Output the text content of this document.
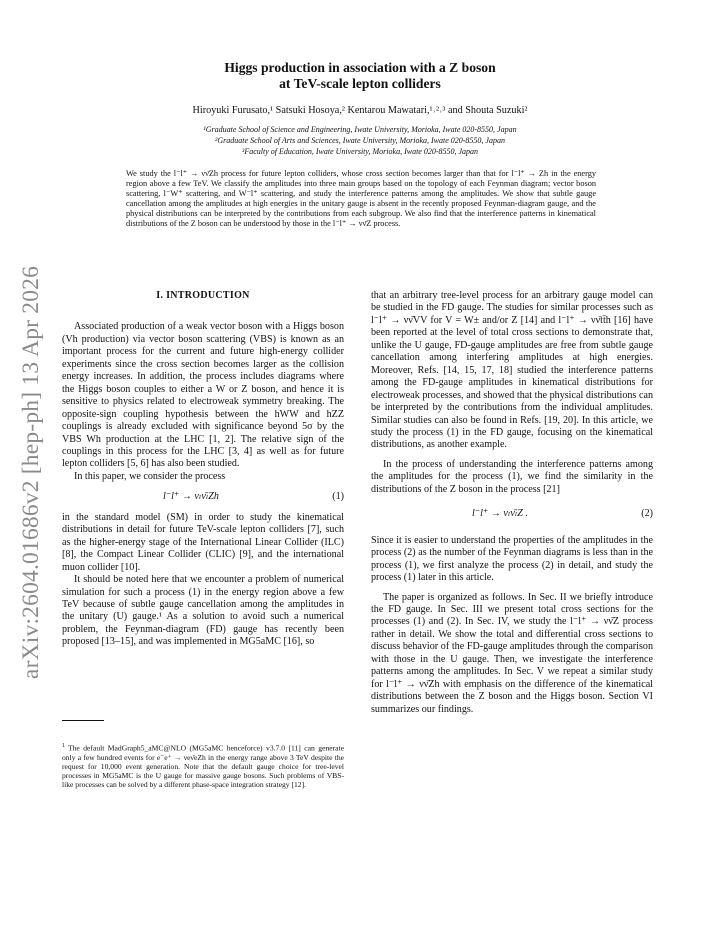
arXiv:2604.01686v2 [hep-ph] 13 Apr 2026
Higgs production in association with a Z boson
at TeV-scale lepton colliders
Hiroyuki Furusato,¹ Satsuki Hosoya,² Kentarou Mawatari,¹˒²˒³ and Shouta Suzuki²
¹Graduate School of Science and Engineering, Iwate University, Morioka, Iwate 020-8550, Japan
²Graduate School of Arts and Sciences, Iwate University, Morioka, Iwate 020-8550, Japan
³Faculty of Education, Iwate University, Morioka, Iwate 020-8550, Japan
We study the l⁻l⁺ → νν̄Zh process for future lepton colliders, whose cross section becomes larger than that for l⁻l⁺ → Zh in the energy region above a few TeV. We classify the amplitudes into three main groups based on the topology of each Feynman diagram; vector boson scattering, l⁻W⁺ scattering, and W⁻l⁺ scattering, and study the interference patterns among the amplitudes. We show that subtle gauge cancellation among the amplitudes at high energies in the unitary gauge is absent in the recently proposed Feynman-diagram gauge, and the physical distributions can be interpreted by the contributions from each subgroup. We also find that the interference patterns in kinematical distributions of the Z boson can be understood by those in the l⁻l⁺ → νν̄Z process.
I. INTRODUCTION

Associated production of a weak vector boson with a Higgs boson (Vh production) via vector boson scattering (VBS) is known as an important process for the current and future high-energy collider experiments since the cross section becomes larger as the collision energy increases. In addition, the process includes diagrams where the Higgs boson couples to either a W or Z boson, and hence it is sensitive to physics related to electroweak symmetry breaking. The opposite-sign coupling hypothesis between the hWW and hZZ couplings is already excluded with significance beyond 5σ by the VBS Wh production at the LHC [1, 2]. The relative sign of the couplings in this process for the LHC [3, 4] as well as for future lepton colliders [5, 6] has also been studied.

In this paper, we consider the process

l⁻l⁺ → νₗν̄ₗZh	(1)

in the standard model (SM) in order to study the kinematical distributions in detail for future TeV-scale lepton colliders [7], such as the higher-energy stage of the International Linear Collider (ILC) [8], the Compact Linear Collider (CLIC) [9], and the international muon collider [10].

It should be noted here that we encounter a problem of numerical simulation for such a process (1) in the energy region above a few TeV because of subtle gauge cancellation among the amplitudes in the unitary (U) gauge.¹ As a solution to avoid such a numerical problem, the Feynman-diagram (FD) gauge has recently been proposed [13–15], and was implemented in MG5aMC [16], so

that an arbitrary tree-level process for an arbitrary gauge model can be studied in the FD gauge. The studies for similar processes such as l⁻l⁺ → νν̄VV for V = W± and/or Z [14] and l⁻l⁺ → νν̄tt̄h [16] have been reported at the level of total cross sections to demonstrate that, unlike the U gauge, FD-gauge amplitudes are free from subtle gauge cancellation among interfering amplitudes at high energies. Moreover, Refs. [14, 15, 17, 18] studied the interference patterns among the FD-gauge amplitudes in kinematical distributions for electroweak processes, and showed that the physical distributions can be interpreted by the contributions from the individual amplitudes. Similar studies can also be found in Refs. [19, 20]. In this article, we study the process (1) in the FD gauge, focusing on the kinematical distributions, as another example.

In the process of understanding the interference patterns among the amplitudes for the process (1), we find the similarity in the distributions of the Z boson in the process [21]

l⁻l⁺ → νₗν̄ₗZ .	(2)

Since it is easier to understand the properties of the amplitudes in the process (2) as the number of the Feynman diagrams is less than in the process (1), we first analyze the process (2) in detail, and study the process (1) later in this article.

The paper is organized as follows. In Sec. II we briefly introduce the FD gauge. In Sec. III we present total cross sections for the processes (1) and (2). In Sec. IV, we study the l⁻l⁺ → νν̄Z process rather in detail. We show the total and differential cross sections to discuss behavior of the FD-gauge amplitudes through the comparison with those in the U gauge. Then, we investigate the interference patterns among the amplitudes. In Sec. V we repeat a similar study for l⁻l⁺ → νν̄Zh with emphasis on the difference of the kinematical distributions between the Z boson and the Higgs boson. Section VI summarizes our findings.

$^1$ The default MadGraph5_aMC@NLO (MG5aMC henceforce) v3.7.0 [11] can generate only a few hundred events for e⁻e⁺ → νeν̄eZh in the energy range above 3 TeV despite the request for 10,000 event generation. Note that the default gauge choice for tree-level processes in MG5aMC is the U gauge for massive gauge bosons. Such problems of VBS-like processes can be solved by a different phase-space integration strategy [12].
